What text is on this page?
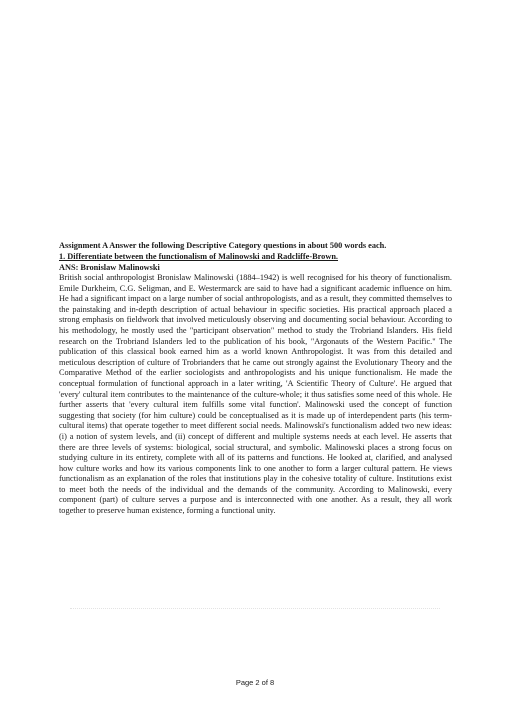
Assignment A Answer the following Descriptive Category questions in about 500 words each.
1. Differentiate between the functionalism of Malinowski and Radcliffe-Brown.
ANS: Bronislaw Malinowski

British social anthropologist Bronislaw Malinowski (1884–1942) is well recognised for his theory of functionalism. Emile Durkheim, C.G. Seligman, and E. Westermarck are said to have had a significant academic influence on him. He had a significant impact on a large number of social anthropologists, and as a result, they committed themselves to the painstaking and in-depth description of actual behaviour in specific societies. His practical approach placed a strong emphasis on fieldwork that involved meticulously observing and documenting social behaviour. According to his methodology, he mostly used the "participant observation" method to study the Trobriand Islanders. His field research on the Trobriand Islanders led to the publication of his book, "Argonauts of the Western Pacific." The publication of this classical book earned him as a world known Anthropologist. It was from this detailed and meticulous description of culture of Trobrianders that he came out strongly against the Evolutionary Theory and the Comparative Method of the earlier sociologists and anthropologists and his unique functionalism. He made the conceptual formulation of functional approach in a later writing, 'A Scientific Theory of Culture'. He argued that 'every' cultural item contributes to the maintenance of the culture-whole; it thus satisfies some need of this whole. He further asserts that 'every cultural item fulfills some vital function'. Malinowski used the concept of function suggesting that society (for him culture) could be conceptualised as it is made up of interdependent parts (his term-cultural items) that operate together to meet different social needs. Malinowski's functionalism added two new ideas: (i) a notion of system levels, and (ii) concept of different and multiple systems needs at each level. He asserts that there are three levels of systems: biological, social structural, and symbolic. Malinowski places a strong focus on studying culture in its entirety, complete with all of its patterns and functions. He looked at, clarified, and analysed how culture works and how its various components link to one another to form a larger cultural pattern. He views functionalism as an explanation of the roles that institutions play in the cohesive totality of culture. Institutions exist to meet both the needs of the individual and the demands of the community. According to Malinowski, every component (part) of culture serves a purpose and is interconnected with one another. As a result, they all work together to preserve human existence, forming a functional unity.

Page 2 of 8
